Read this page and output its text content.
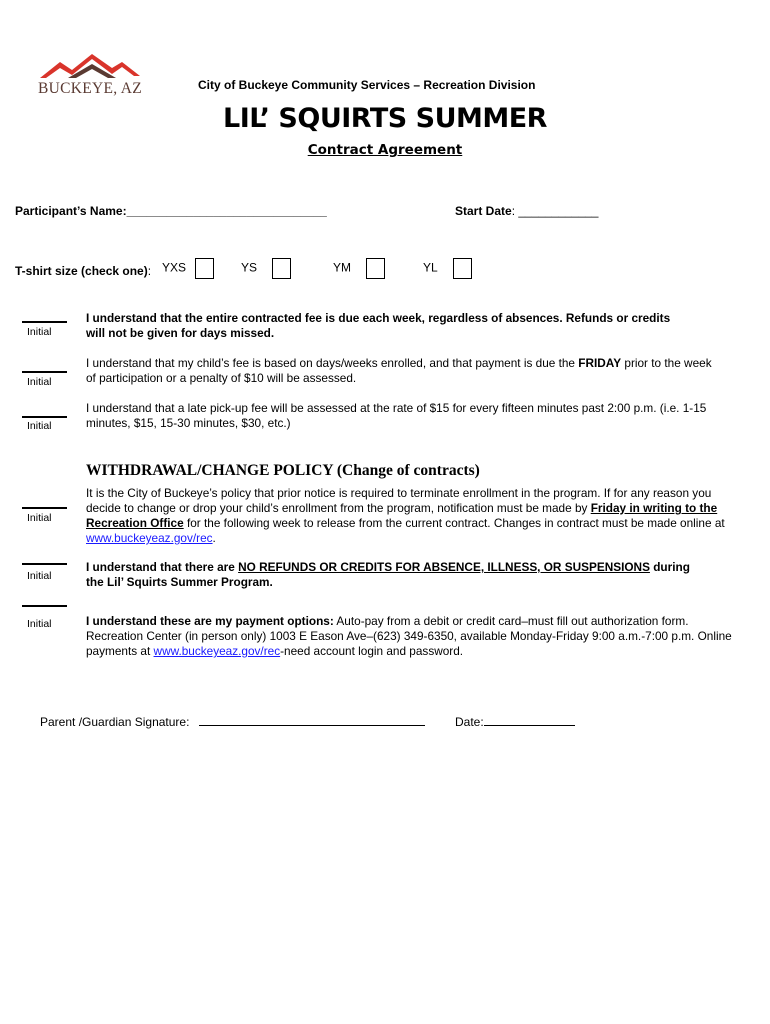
BUCKEYE, AZ	City of Buckeye Community Services – Recreation Division
LIL’ SQUIRTS SUMMER
Contract Agreement
Participant’s Name:______________________________	Start Date: ____________
T-shirt size (check one): YXS	YS	YM	YL
Initial
I understand that the entire contracted fee is due each week, regardless of absences. Refunds or credits will not be given for days missed.
Initial
I understand that my child’s fee is based on days/weeks enrolled, and that payment is due the FRIDAY prior to the week of participation or a penalty of $10 will be assessed.
Initial
I understand that a late pick-up fee will be assessed at the rate of $15 for every fifteen minutes past 2:00 p.m. (i.e. 1-15 minutes, $15, 15-30 minutes, $30, etc.)
WITHDRAWAL/CHANGE POLICY (Change of contracts)
Initial
It is the City of Buckeye’s policy that prior notice is required to terminate enrollment in the program. If for any reason you decide to change or drop your child’s enrollment from the program, notification must be made by Friday in writing to the Recreation Office for the following week to release from the current contract. Changes in contract must be made online at www.buckeyeaz.gov/rec.
Initial
I understand that there are NO REFUNDS OR CREDITS FOR ABSENCE, ILLNESS, OR SUSPENSIONS during the Lil’ Squirts Summer Program.
Initial	I understand these are my payment options: Auto-pay from a debit or credit card–must fill out authorization form. Recreation Center (in person only) 1003 E Eason Ave–(623) 349-6350, available Monday-Friday 9:00 a.m.-7:00 p.m. Online payments at www.buckeyeaz.gov/rec-need account login and password.
Parent /Guardian Signature:	Date:
